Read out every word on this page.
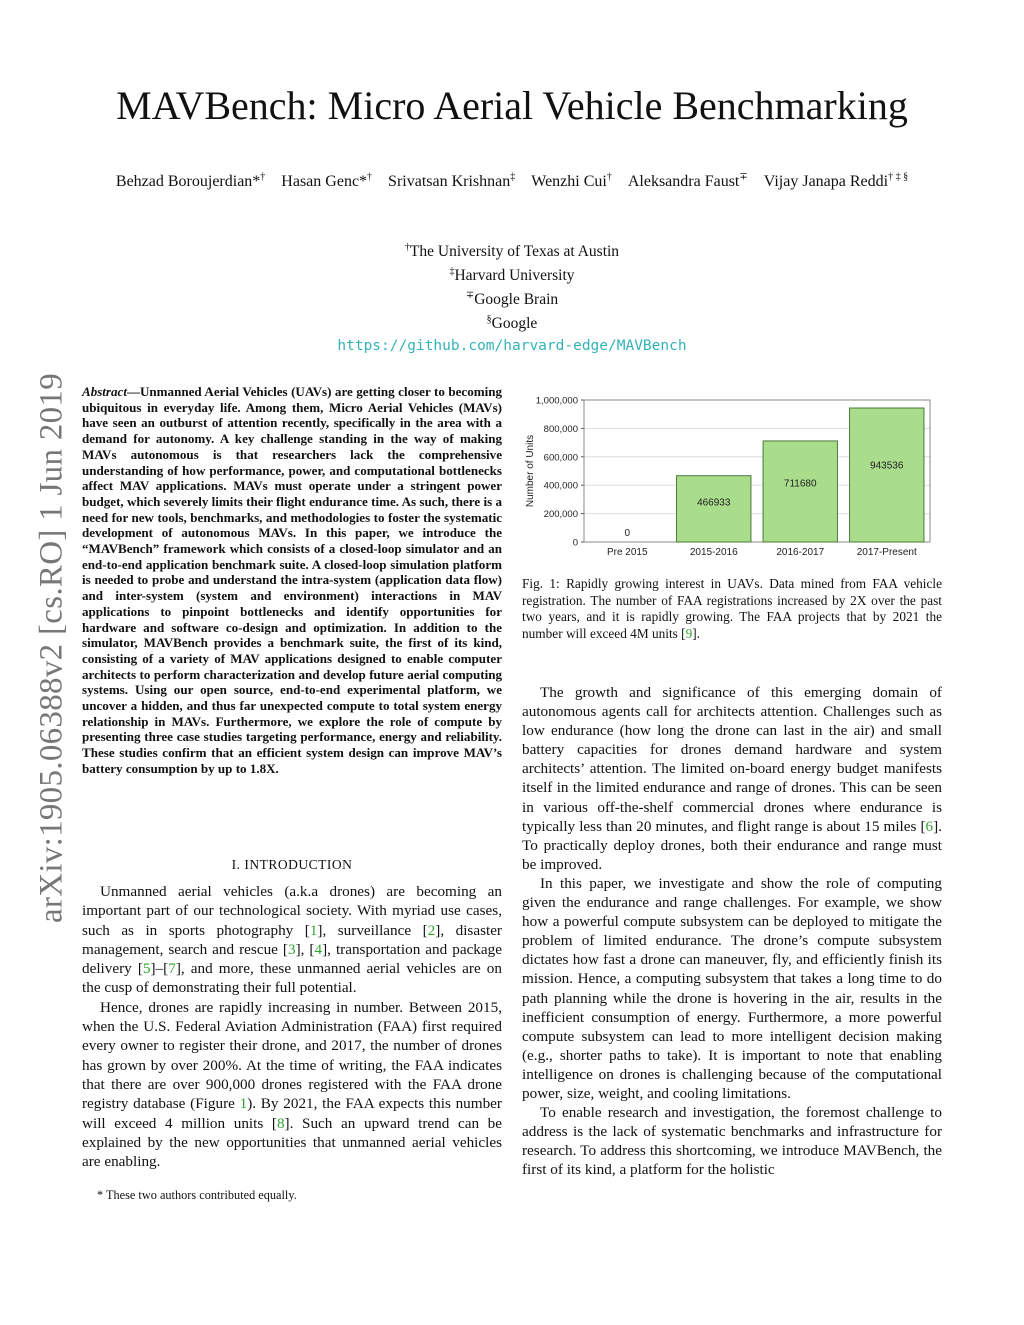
MAVBench: Micro Aerial Vehicle Benchmarking
Behzad Boroujerdian*†  Hasan Genc*†  Srivatsan Krishnan‡  Wenzhi Cui†  Aleksandra Faust∓  Vijay Janapa Reddi† ‡ §
†The University of Texas at Austin
‡Harvard University
∓Google Brain
§Google
https://github.com/harvard-edge/MAVBench
arXiv:1905.06388v2 [cs.RO] 1 Jun 2019 Abstract—Unmanned Aerial Vehicles (UAVs) are getting closer to becoming ubiquitous in everyday life. Among them, Micro Aerial Vehicles (MAVs) have seen an outburst of attention recently, specifically in the area with a demand for autonomy. A key challenge standing in the way of making MAVs autonomous is that researchers lack the comprehensive understanding of how performance, power, and computational bottlenecks affect MAV applications. MAVs must operate under a stringent power budget, which severely limits their flight endurance time. As such, there is a need for new tools, benchmarks, and methodologies to foster the systematic development of autonomous MAVs. In this paper, we introduce the “MAVBench” framework which consists of a closed-loop simulator and an end-to-end application benchmark suite. A closed-loop simulation platform is needed to probe and understand the intra-system (application data flow) and inter-system (system and environment) interactions in MAV applications to pinpoint bottlenecks and identify opportunities for hardware and software co-design and optimization. In addition to the simulator, MAVBench provides a benchmark suite, the first of its kind, consisting of a variety of MAV applications designed to enable computer architects to perform characterization and develop future aerial computing systems. Using our open source, end-to-end experimental platform, we uncover a hidden, and thus far unexpected compute to total system energy relationship in MAVs. Furthermore, we explore the role of compute by presenting three case studies targeting performance, energy and reliability. These studies confirm that an efficient system design can improve MAV’s battery consumption by up to 1.8X.
I. INTRODUCTION

Unmanned aerial vehicles (a.k.a drones) are becoming an important part of our technological society. With myriad use cases, such as in sports photography [1], surveillance [2], disaster management, search and rescue [3], [4], transportation and package delivery [5]–[7], and more, these unmanned aerial vehicles are on the cusp of demonstrating their full potential.

Hence, drones are rapidly increasing in number. Between 2015, when the U.S. Federal Aviation Administration (FAA) first required every owner to register their drone, and 2017, the number of drones has grown by over 200%. At the time of writing, the FAA indicates that there are over 900,000 drones registered with the FAA drone registry database (Figure 1). By 2021, the FAA expects this number will exceed 4 million units [8]. Such an upward trend can be explained by the new opportunities that unmanned aerial vehicles are enabling.

* These two authors contributed equally.
0
200,000
400,000
600,000
800,000
1,000,000
Number of Units
0
Pre 2015
466933
2015-2016
711680
2016-2017
943536
2017-Present
Fig. 1: Rapidly growing interest in UAVs. Data mined from FAA vehicle registration. The number of FAA registrations increased by 2X over the past two years, and it is rapidly growing. The FAA projects that by 2021 the number will exceed 4M units [9].

The growth and significance of this emerging domain of autonomous agents call for architects attention. Challenges such as low endurance (how long the drone can last in the air) and small battery capacities for drones demand hardware and system architects’ attention. The limited on-board energy budget manifests itself in the limited endurance and range of drones. This can be seen in various off-the-shelf commercial drones where endurance is typically less than 20 minutes, and flight range is about 15 miles [6]. To practically deploy drones, both their endurance and range must be improved.

In this paper, we investigate and show the role of computing given the endurance and range challenges. For example, we show how a powerful compute subsystem can be deployed to mitigate the problem of limited endurance. The drone’s compute subsystem dictates how fast a drone can maneuver, fly, and efficiently finish its mission. Hence, a computing subsystem that takes a long time to do path planning while the drone is hovering in the air, results in the inefficient consumption of energy. Furthermore, a more powerful compute subsystem can lead to more intelligent decision making (e.g., shorter paths to take). It is important to note that enabling intelligence on drones is challenging because of the computational power, size, weight, and cooling limitations.

To enable research and investigation, the foremost challenge to address is the lack of systematic benchmarks and infrastructure for research. To address this shortcoming, we introduce MAVBench, the first of its kind, a platform for the holistic
